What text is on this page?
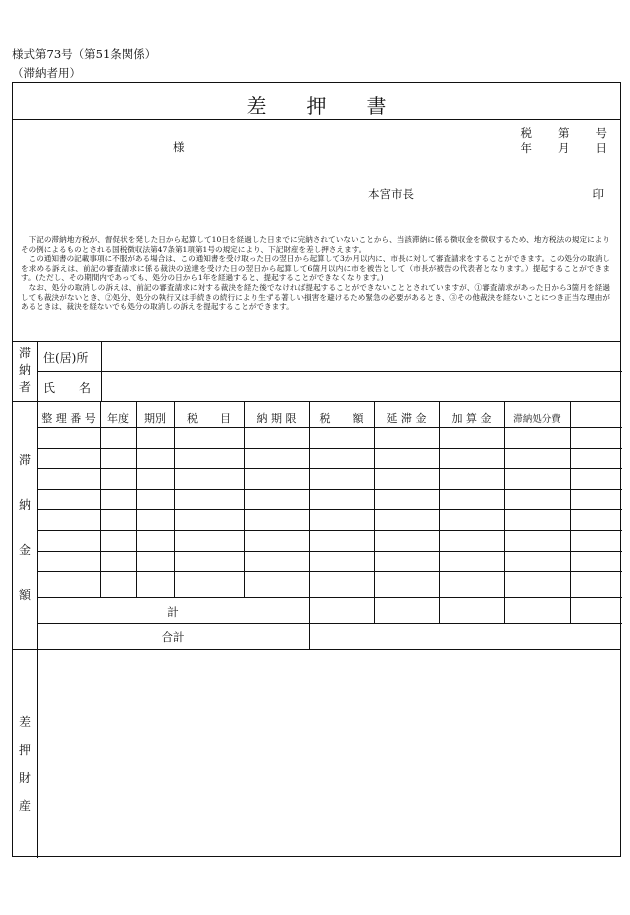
様式第73号（第51条関係）
（滞納者用）
差　　押　　書
税　　第　　号
年　　月　　日
様
本宮市長	印

下記の滞納地方税が、督促状を発した日から起算して10日を経過した日までに完納されていないことから、当該滞納に係る徴収金を徴収するため、地方税法の規定によりその例によるものとされる国税徴収法第47条第1項第1号の規定により、下記財産を差し押さえます。

この通知書の記載事項に不服がある場合は、この通知書を受け取った日の翌日から起算して3か月以内に、市長に対して審査請求をすることができます。この処分の取消しを求める訴えは、前記の審査請求に係る裁決の送達を受けた日の翌日から起算して6箇月以内に市を被告として（市長が被告の代表者となります。）提起することができます。(ただし、その期間内であっても、処分の日から1年を経過すると、提起することができなくなります。)

なお、処分の取消しの訴えは、前記の審査請求に対する裁決を経た後でなければ提起することができないこととされていますが、①審査請求があった日から3箇月を経過しても裁決がないとき、②処分、処分の執行又は手続きの続行により生ずる著しい損害を避けるため緊急の必要があるとき、③その他裁決を経ないことにつき正当な理由があるときは、裁決を経ないでも処分の取消しの訴えを提起することができます。

滞
納
者
住(居)所
氏　　名
滞
納
金
額
整 理 番 号	年度	期別	税　　目	納 期 限	税　　額	延 滞 金	加 算 金	滞納処分費
計
合計
差
押
財
産
